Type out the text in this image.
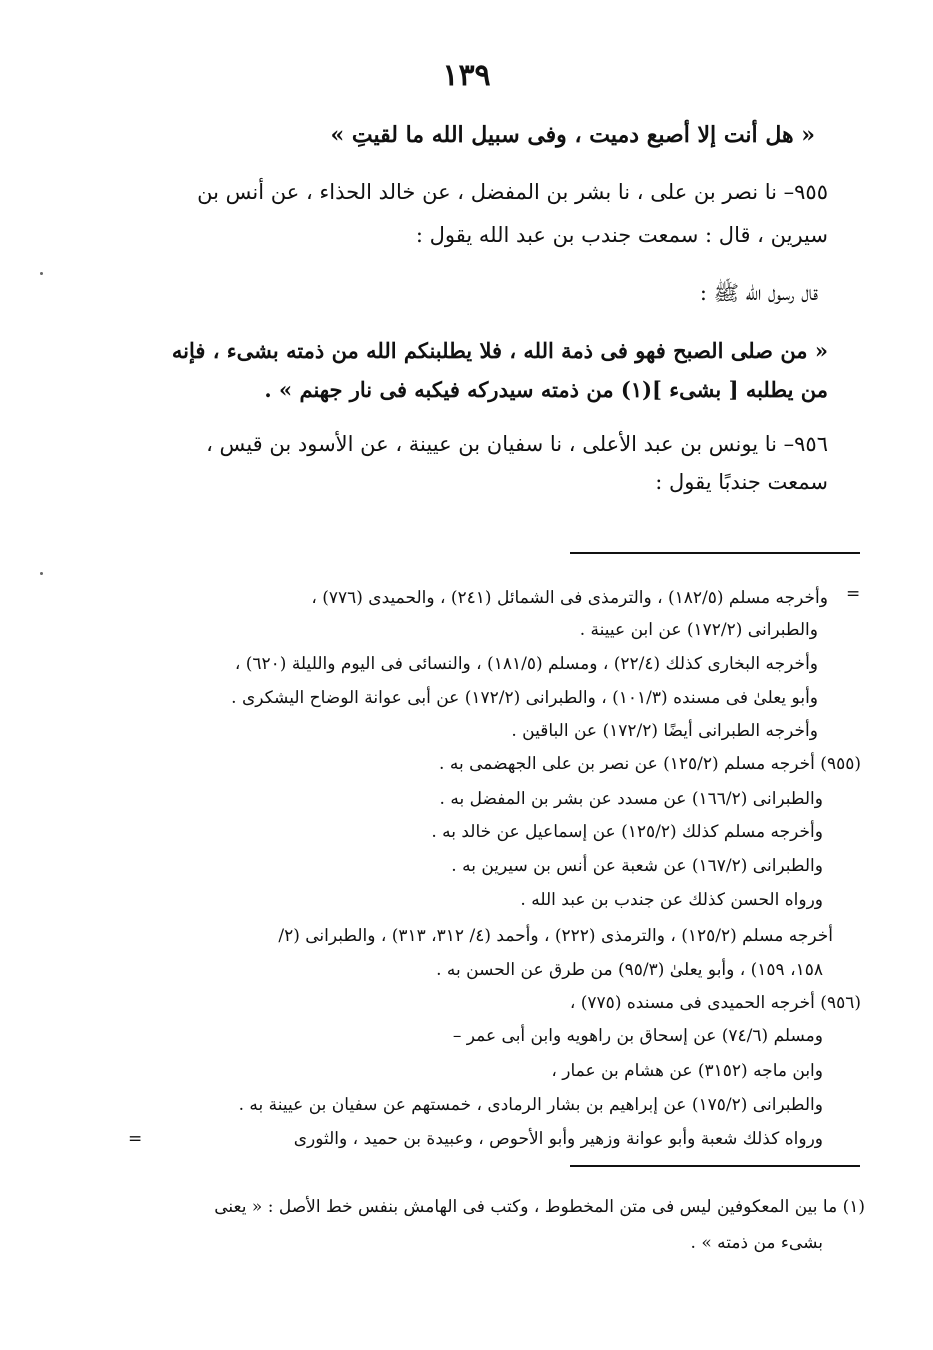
١٣٩
« هل أنت إلا أصبع دميت ، وفى سبيل الله ما لقيتِ »
٩٥٥– نا نصر بن على ، نا بشر بن المفضل ، عن خالد الحذاء ، عن أنس بن
سيرين ، قال : سمعت جندب بن عبد الله يقول :
قال رسول الله ﷺ :
« من صلى الصبح فهو فى ذمة الله ، فلا يطلبنكم الله من ذمته بشىء ، فإنه
من يطلبه [ بشىء ](١) من ذمته سيدركه فيكبه فى نار جهنم » .
٩٥٦– نا يونس بن عبد الأعلى ، نا سفيان بن عيينة ، عن الأسود بن قيس ،
سمعت جندبًا يقول :
=
وأخرجه مسلم (١٨٢/٥) ، والترمذى فى الشمائل (٢٤١) ، والحميدى (٧٧٦) ،
والطبرانى (١٧٢/٢) عن ابن عيينة .
وأخرجه البخارى كذلك (٢٢/٤) ، ومسلم (١٨١/٥) ، والنسائى فى اليوم والليلة (٦٢٠) ،
وأبو يعلىٰ فى مسنده (١٠١/٣) ، والطبرانى (١٧٢/٢) عن أبى عوانة الوضاح اليشكرى .
وأخرجه الطبرانى أيضًا (١٧٢/٢) عن الباقين .
(٩٥٥) أخرجه مسلم (١٢٥/٢) عن نصر بن على الجهضمى به .
والطبرانى (١٦٦/٢) عن مسدد عن بشر بن المفضل به .
وأخرجه مسلم كذلك (١٢٥/٢) عن إسماعيل عن خالد به .
والطبرانى (١٦٧/٢) عن شعبة عن أنس بن سيرين به .
ورواه الحسن كذلك عن جندب بن عبد الله .
أخرجه مسلم (١٢٥/٢) ، والترمذى (٢٢٢) ، وأحمد (٤/ ٣١٢، ٣١٣) ، والطبرانى (٢/
١٥٨، ١٥٩) ، وأبو يعلىٰ (٩٥/٣) من طرق عن الحسن به .
(٩٥٦) أخرجه الحميدى فى مسنده (٧٧٥) ،
ومسلم (٧٤/٦) عن إسحاق بن راهويه وابن أبى عمر –
وابن ماجه (٣١٥٢) عن هشام بن عمار ،
والطبرانى (١٧٥/٢) عن إبراهيم بن بشار الرمادى ، خمستهم عن سفيان بن عيينة به .
ورواه كذلك شعبة وأبو عوانة وزهير وأبو الأحوص ، وعبيدة بن حميد ، والثورى
=
(١) ما بين المعكوفين ليس فى متن المخطوط ، وكتب فى الهامش بنفس خط الأصل : « يعنى
بشىء من ذمته » .
